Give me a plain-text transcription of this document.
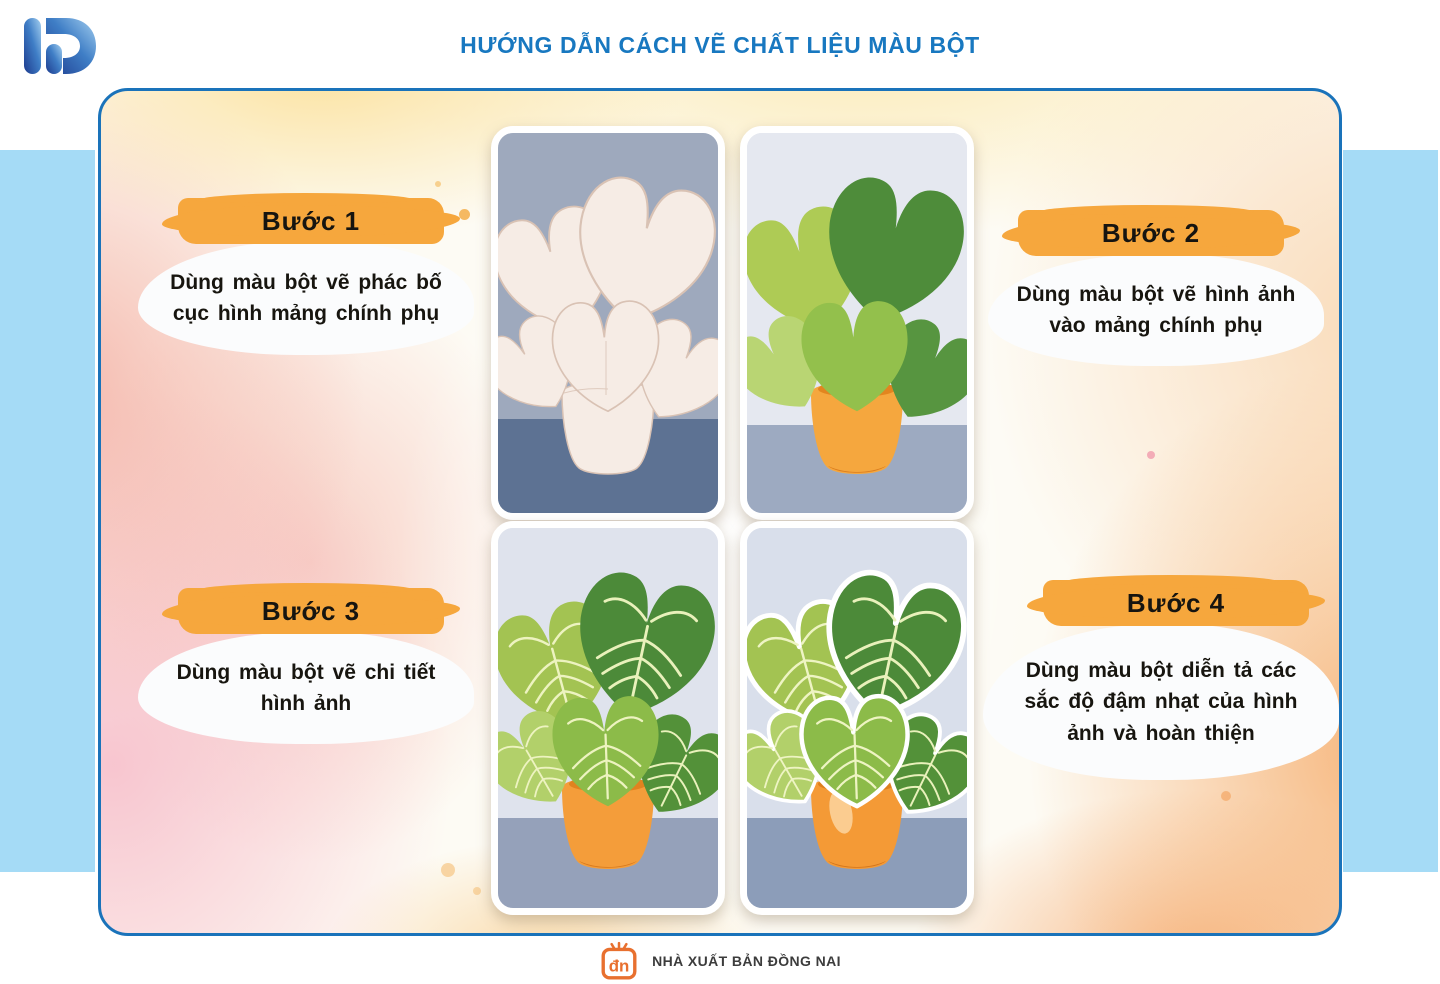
HƯỚNG DẪN CÁCH VẼ CHẤT LIỆU MÀU BỘT
Bước 1

Dùng màu bột vẽ phác bố cục hình mảng chính phụ

Bước 2

Dùng màu bột vẽ hình ảnh vào mảng chính phụ

Bước 3

Dùng màu bột vẽ chi tiết hình ảnh

Bước 4

Dùng màu bột diễn tả các sắc độ đậm nhạt của hình ảnh và hoàn thiện

đn NHÀ XUẤT BẢN ĐỒNG NAI
